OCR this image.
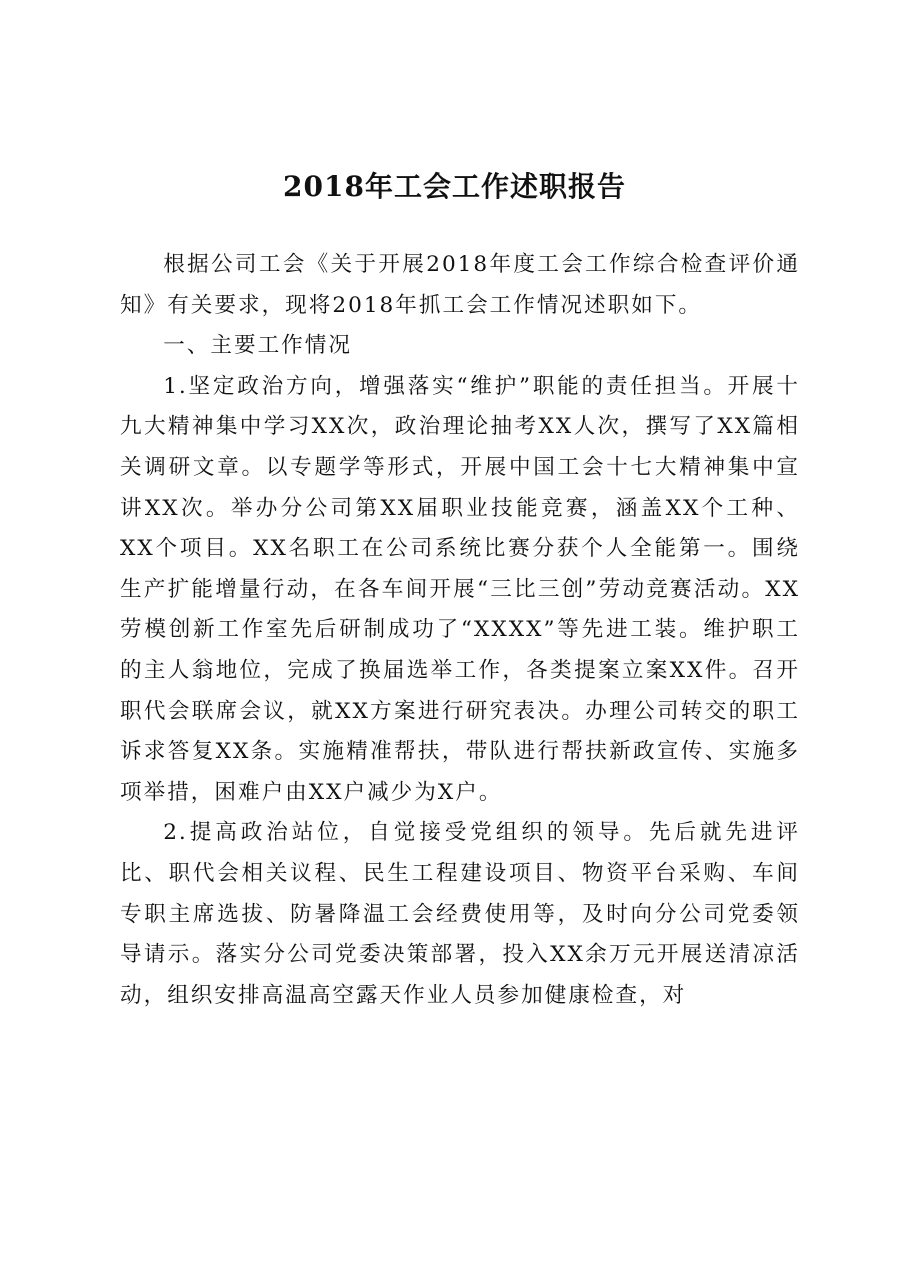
2018年工会工作述职报告

根据公司工会《关于开展2018年度工会工作综合检查评价通知》有关要求，现将2018年抓工会工作情况述职如下。

一、主要工作情况

1.坚定政治方向，增强落实“维护”职能的责任担当。开展十九大精神集中学习XX次，政治理论抽考XX人次，撰写了XX篇相关调研文章。以专题学等形式，开展中国工会十七大精神集中宣讲XX次。举办分公司第XX届职业技能竞赛，涵盖XX个工种、XX个项目。XX名职工在公司系统比赛分获个人全能第一。围绕生产扩能增量行动，在各车间开展“三比三创”劳动竞赛活动。XX劳模创新工作室先后研制成功了“XXXX”等先进工装。维护职工的主人翁地位，完成了换届选举工作，各类提案立案XX件。召开职代会联席会议，就XX方案进行研究表决。办理公司转交的职工诉求答复XX条。实施精准帮扶，带队进行帮扶新政宣传、实施多项举措，困难户由XX户减少为X户。

2.提高政治站位，自觉接受党组织的领导。先后就先进评比、职代会相关议程、民生工程建设项目、物资平台采购、车间专职主席选拔、防暑降温工会经费使用等，及时向分公司党委领导请示。落实分公司党委决策部署，投入XX余万元开展送清凉活动，组织安排高温高空露天作业人员参加健康检查，对
